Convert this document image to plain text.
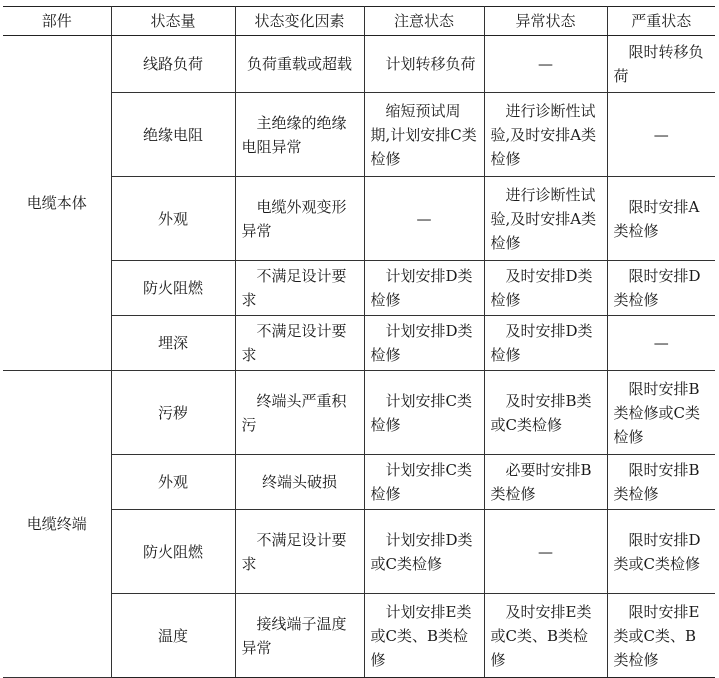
部件	状态量	状态变化因素	注意状态	异常状态	严重状态
电缆本体	线路负荷	负荷重载或超载	计划转移负荷	—	限时转移负荷
	绝缘电阻	主绝缘的绝缘电阻异常	缩短预试周期,计划安排C类检修	进行诊断性试验,及时安排A类检修	—
	外观	电缆外观变形异常	—	进行诊断性试验,及时安排A类检修	限时安排A类检修
	防火阻燃	不满足设计要求	计划安排D类检修	及时安排D类检修	限时安排D类检修
	埋深	不满足设计要求	计划安排D类检修	及时安排D类检修	—
电缆终端	污秽	终端头严重积污	计划安排C类检修	及时安排B类或C类检修	限时安排B类检修或C类检修
	外观	终端头破损	计划安排C类检修	必要时安排B类检修	限时安排B类检修
	防火阻燃	不满足设计要求	计划安排D类或C类检修	—	限时安排D类或C类检修
	温度	接线端子温度异常	计划安排E类或C类、B类检修	及时安排E类或C类、B类检修	限时安排E类或C类、B类检修
